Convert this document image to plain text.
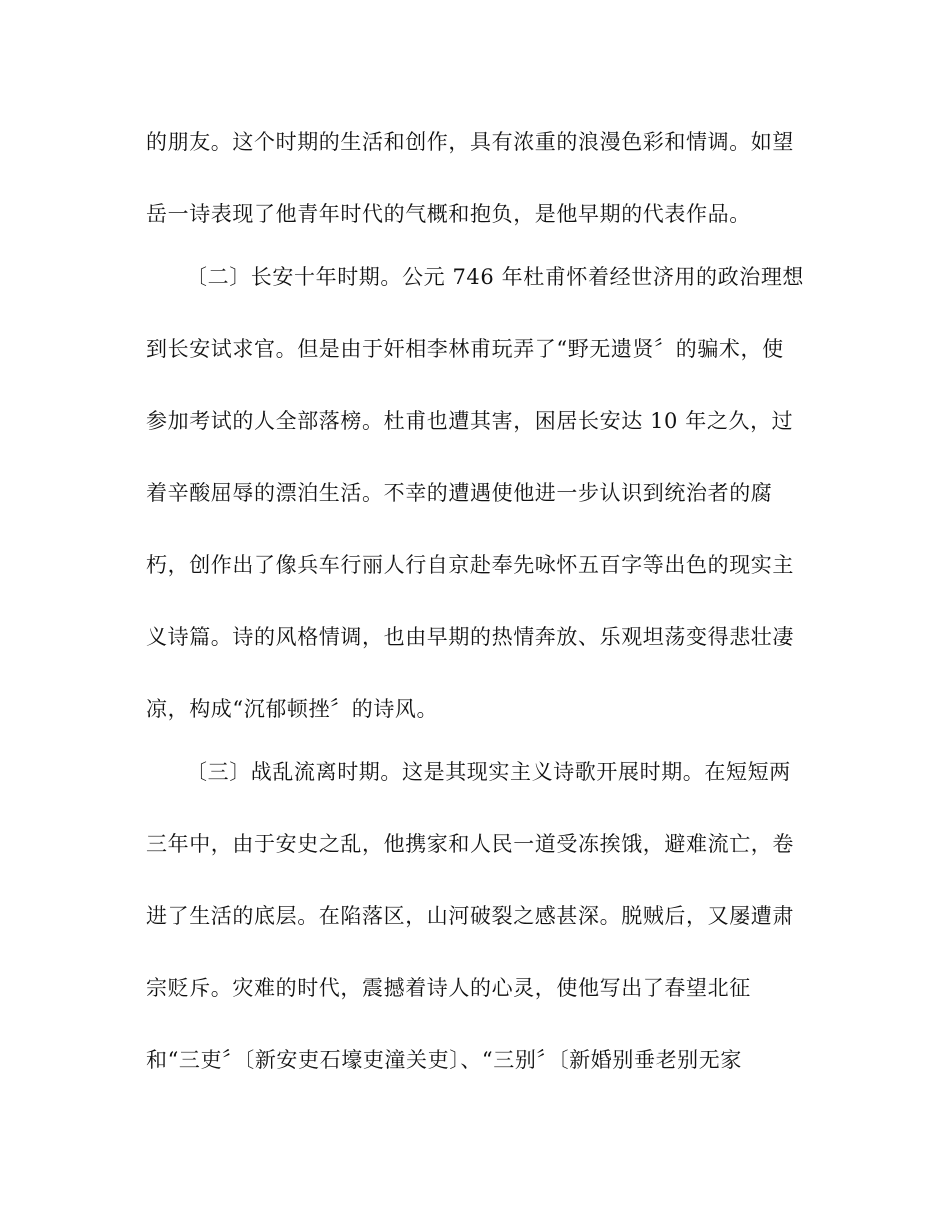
的朋友。这个时期的生活和创作，具有浓重的浪漫色彩和情调。如望
岳一诗表现了他青年时代的气概和抱负，是他早期的代表作品。
〔二〕长安十年时期。公元 746 年杜甫怀着经世济用的政治理想
到长安试求官。但是由于奸相李林甫玩弄了“野无遗贤〞的骗术，使
参加考试的人全部落榜。杜甫也遭其害，困居长安达 10 年之久，过
着辛酸屈辱的漂泊生活。不幸的遭遇使他进一步认识到统治者的腐
朽，创作出了像兵车行丽人行自京赴奉先咏怀五百字等出色的现实主
义诗篇。诗的风格情调，也由早期的热情奔放、乐观坦荡变得悲壮凄
凉，构成“沉郁顿挫〞的诗风。
〔三〕战乱流离时期。这是其现实主义诗歌开展时期。在短短两
三年中，由于安史之乱，他携家和人民一道受冻挨饿，避难流亡，卷
进了生活的底层。在陷落区，山河破裂之感甚深。脱贼后，又屡遭肃
宗贬斥。灾难的时代，震撼着诗人的心灵，使他写出了春望北征
和“三吏〞〔新安吏石壕吏潼关吏〕、“三别〞〔新婚别垂老别无家
